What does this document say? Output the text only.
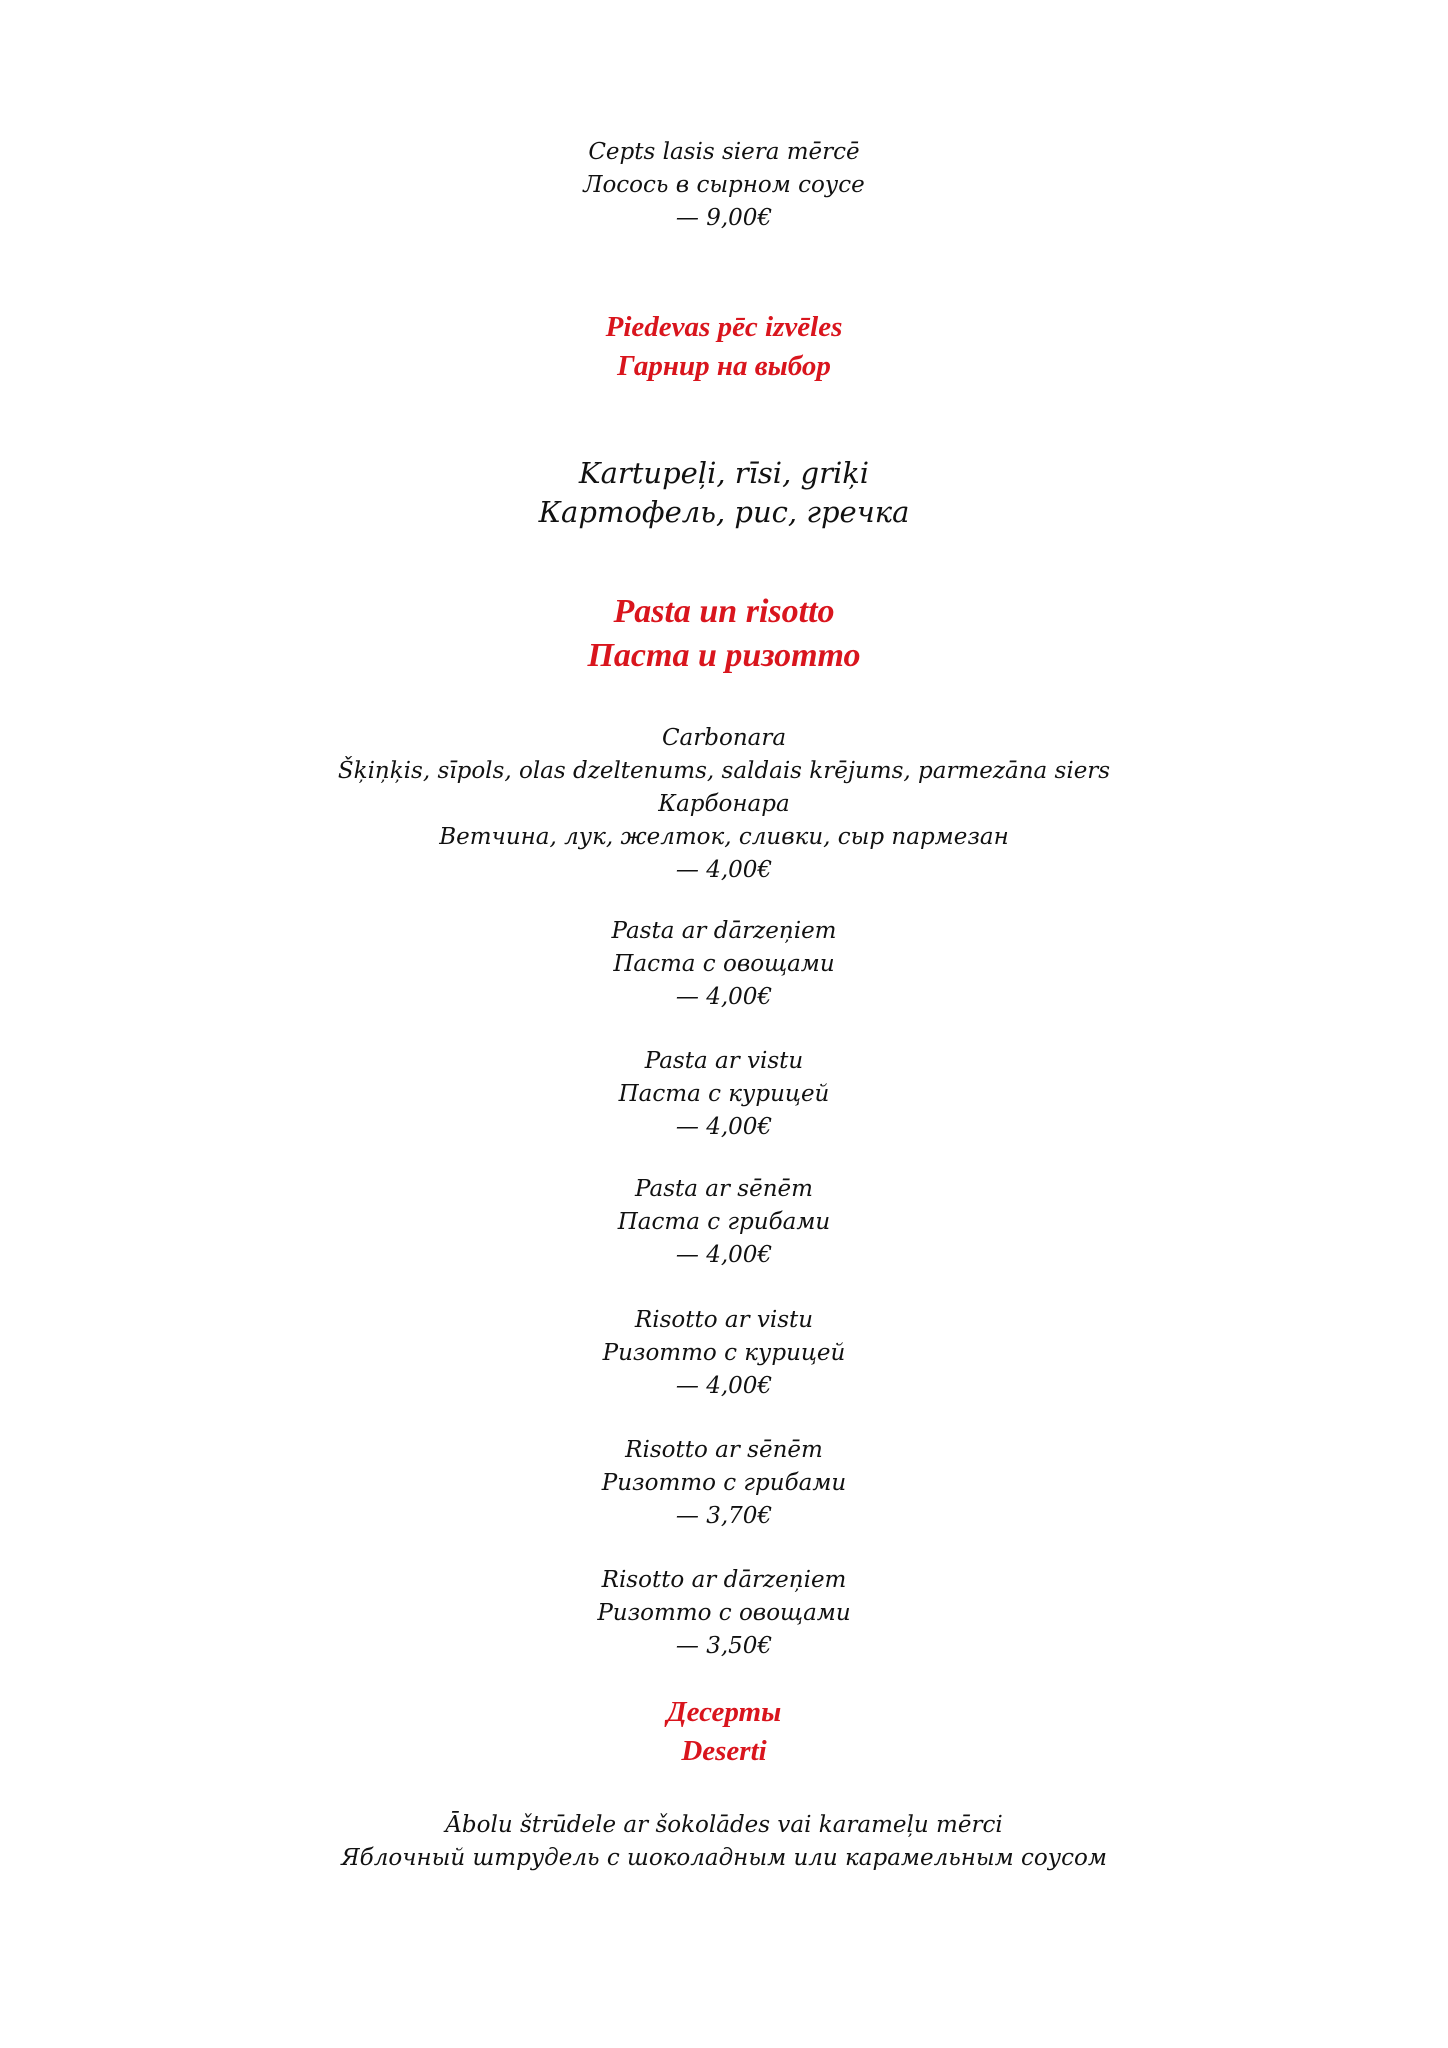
Cepts lasis siera mērcē
Лосось в сырном соусе
— 9,00€
Piedevas pēc izvēles
Гарнир на выбор
Kartupeļi, rīsi, griķi
Картофель, рис, гречка
Pasta un risotto
Паста и ризотто
Carbonara
Šķiņķis, sīpols, olas dzeltenums, saldais krējums, parmezāna siers
Карбонара
Ветчина, лук, желток, сливки, сыр пармезан
— 4,00€
Pasta ar dārzeņiem
Паста с овощами
— 4,00€
Pasta ar vistu
Паста с курицей
— 4,00€
Pasta ar sēnēm
Паста с грибами
— 4,00€
Risotto ar vistu
Ризотто с курицей
— 4,00€
Risotto ar sēnēm
Ризотто с грибами
— 3,70€
Risotto ar dārzeņiem
Ризотто с овощами
— 3,50€
Десерты
Deserti
Ābolu štrūdele ar šokolādes vai karameļu mērci
Яблочный штрудель с шоколадным или карамельным соусом
